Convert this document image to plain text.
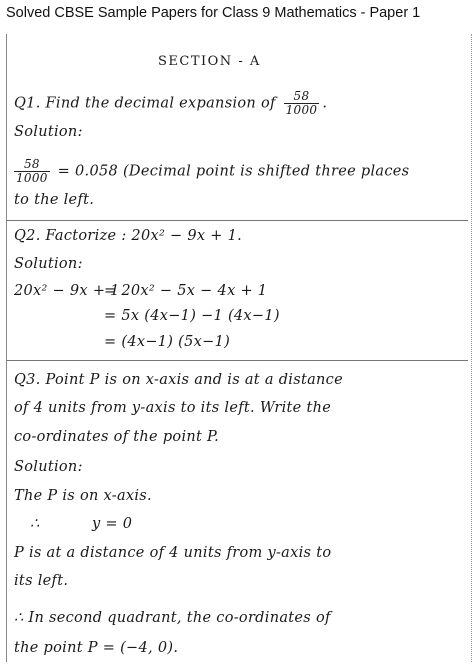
Solved CBSE Sample Papers for Class 9 Mathematics - Paper 1
SECTION - A
Q1. Find the decimal expansion of $\frac{58}{1000}$ .
Solution:
$\frac{58}{1000} = 0.058$ (Decimal point is shifted three places
to the left.
Q2. Factorize : 20x² − 9x + 1.
Solution:
20x² − 9x + 1
= 20x² − 5x − 4x + 1
= 5x (4x−1) −1 (4x−1)
= (4x−1) (5x−1)
Q3. Point P is on x-axis and is at a distance
of 4 units from y-axis to its left. Write the
co-ordinates of the point P.
Solution:
The P is on x-axis.
∴	y = 0
P is at a distance of 4 units from y-axis to
its left.
∴ In second quadrant, the co-ordinates of
the point P = (−4, 0).
